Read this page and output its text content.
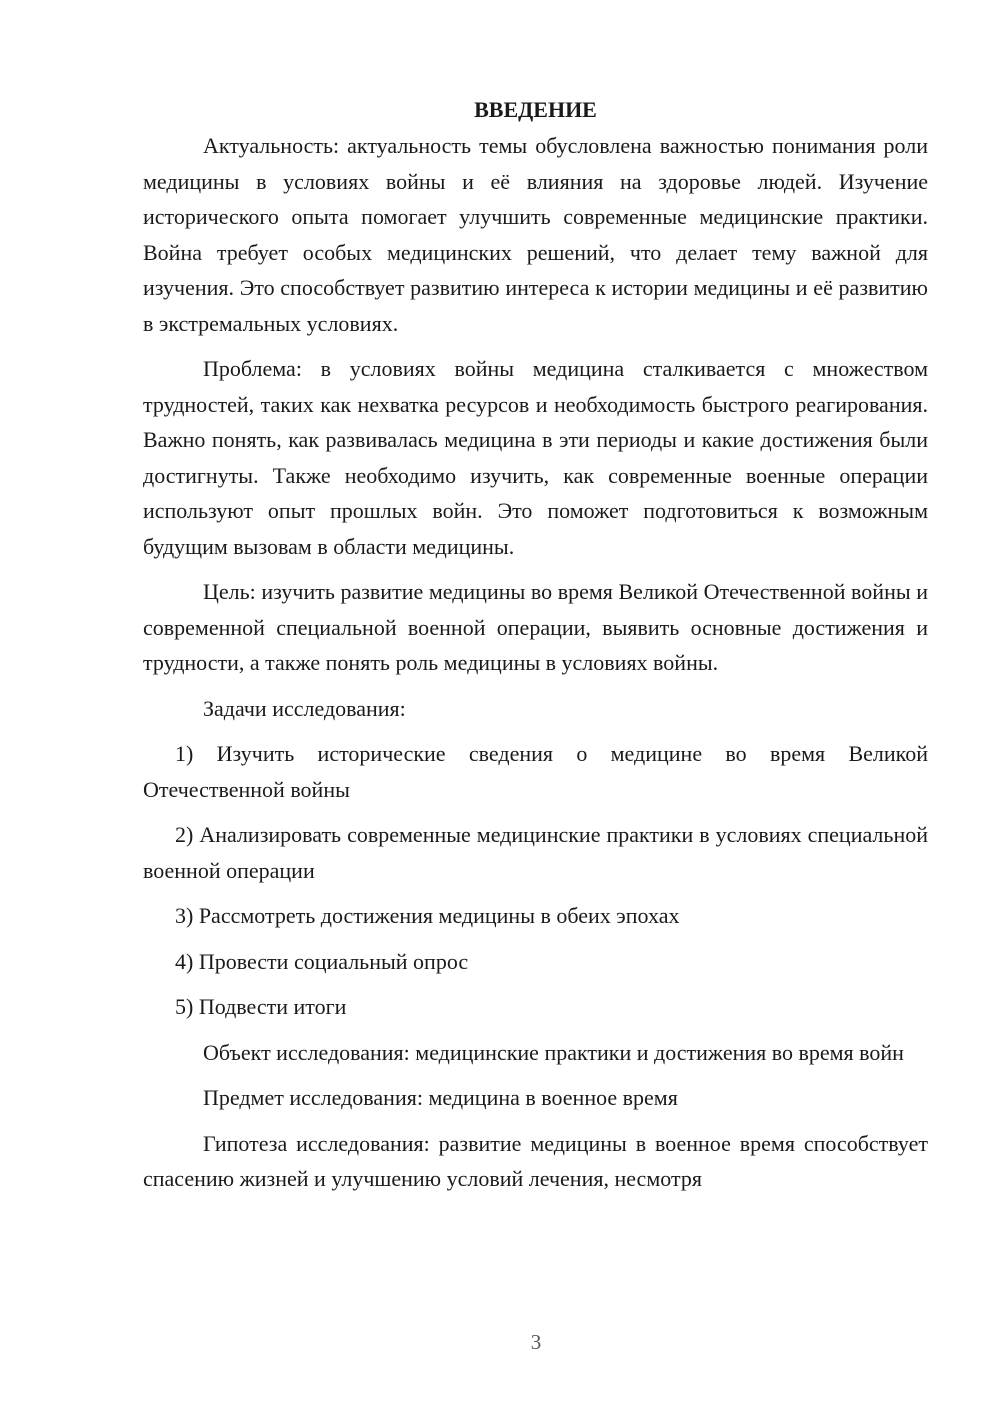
ВВЕДЕНИЕ

Актуальность: актуальность темы обусловлена важностью понимания роли медицины в условиях войны и её влияния на здоровье людей. Изучение исторического опыта помогает улучшить современные медицинские практики. Война требует особых медицинских решений, что делает тему важной для изучения. Это способствует развитию интереса к истории медицины и её развитию в экстремальных условиях.

Проблема: в условиях войны медицина сталкивается с множеством трудностей, таких как нехватка ресурсов и необходимость быстрого реагирования. Важно понять, как развивалась медицина в эти периоды и какие достижения были достигнуты. Также необходимо изучить, как современные военные операции используют опыт прошлых войн. Это поможет подготовиться к возможным будущим вызовам в области медицины.

Цель: изучить развитие медицины во время Великой Отечественной войны и современной специальной военной операции, выявить основные достижения и трудности, а также понять роль медицины в условиях войны.

Задачи исследования:

1) Изучить исторические сведения о медицине во время Великой Отечественной войны

2) Анализировать современные медицинские практики в условиях специальной военной операции

3) Рассмотреть достижения медицины в обеих эпохах

4) Провести социальный опрос

5) Подвести итоги

Объект исследования: медицинские практики и достижения во время войн

Предмет исследования: медицина в военное время

Гипотеза исследования: развитие медицины в военное время способствует спасению жизней и улучшению условий лечения, несмотря

3
